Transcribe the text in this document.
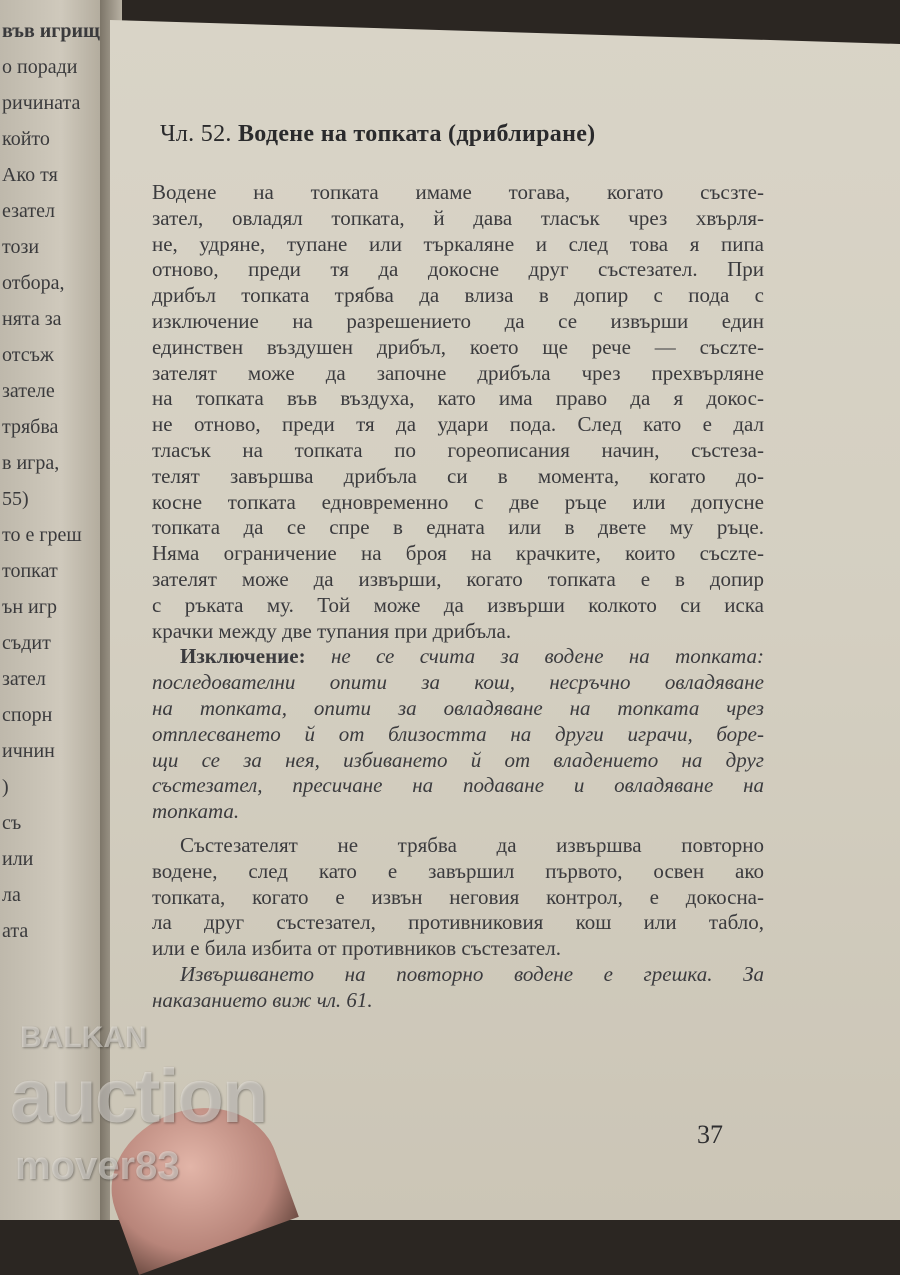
във игрищ
о поради
ричината
който
Ако тя
езател
този
отбора,
нята за
отсъж
зателе
трябва
в игра,
55)
то е греш
топкат
ън игр
съдит
зател
спорн
ичнин
)
съ
или
ла
ата
Чл. 52. Водене на топката (дриблиране)
Водене на топката имаме тогава, когато съсзте-
зател, овладял топката, й дава тласък чрез хвърля-
не, удряне, тупане или търкаляне и след това я пипа
отново, преди тя да докосне друг състезател. При
дрибъл топката трябва да влиза в допир с пода с
изключение на разрешението да се извърши един
единствен въздушен дрибъл, което ще рече — съсzте-
зателят може да започне дрибъла чрез прехвърляне
на топката във въздуха, като има право да я докос-
не отново, преди тя да удари пода. След като е дал
тласък на топката по гореописания начин, състеза-
телят завършва дрибъла си в момента, когато до-
косне топката едновременно с две ръце или допусне
топката да се спре в едната или в двете му ръце.
Няма ограничение на броя на крачките, които съсzте-
зателят може да извърши, когато топката е в допир
с ръката му. Той може да извърши колкото си иска
крачки между две тупания при дрибъла.
Изключение: не се счита за водене на топката:
последователни опити за кош, несръчно овладяване
на топката, опити за овладяване на топката чрез
отплесването й от близостта на други играчи, боре-
щи се за нея, избиването й от владението на друг
състезател, пресичане на подаване и овладяване на
топката.
Състезателят не трябва да извършва повторно
водене, след като е завършил първото, освен ако
топката, когато е извън неговия контрол, е докосна-
ла друг състезател, противниковия кош или табло,
или е била избита от противников състезател.
Извършването на повторно водене е грешка. За
наказанието виж чл. 61.
37
BALKAN
auction
mover83
